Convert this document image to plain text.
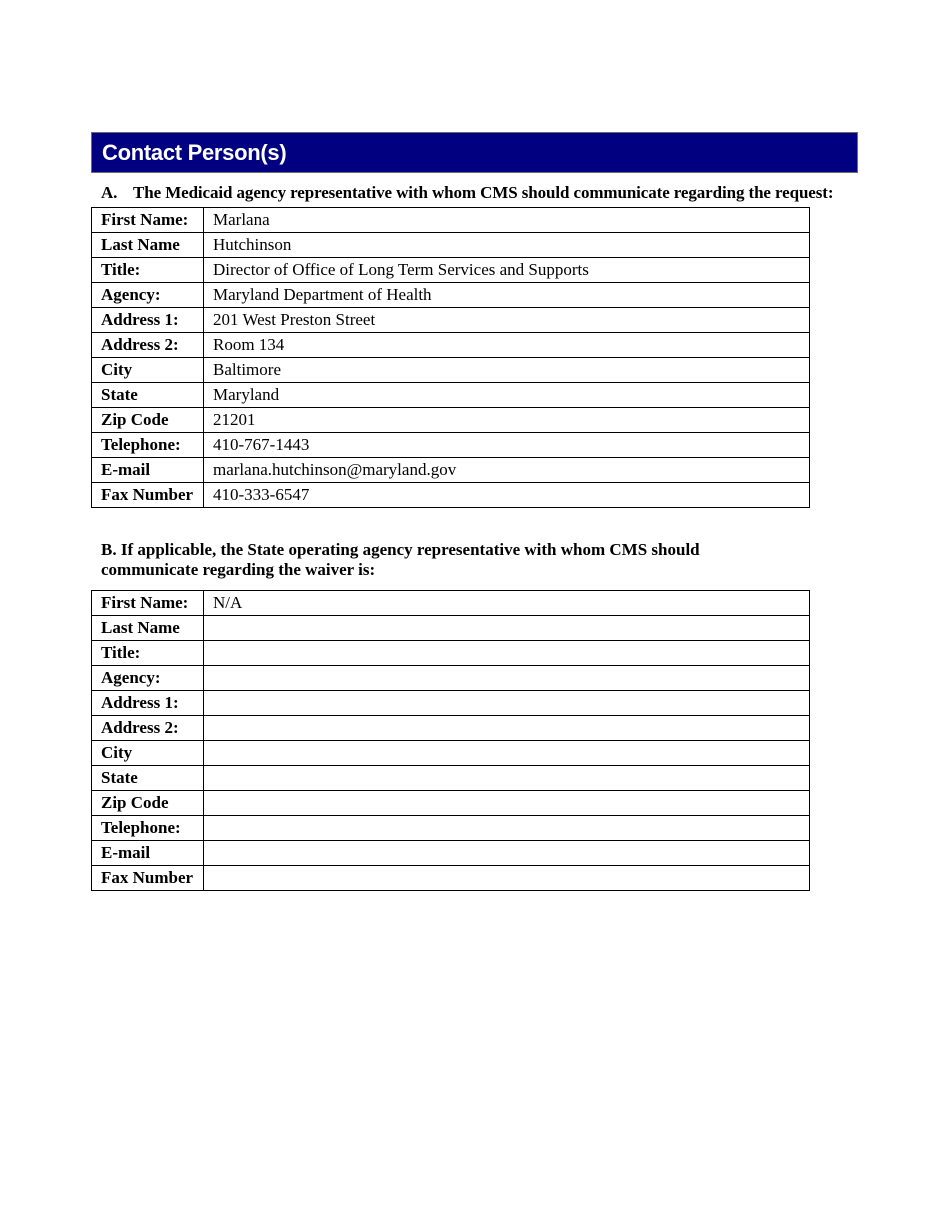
Contact Person(s)

A. The Medicaid agency representative with whom CMS should communicate regarding the request:

First Name:	Marlana
Last Name	Hutchinson
Title:	Director of Office of Long Term Services and Supports
Agency:	Maryland Department of Health
Address 1:	201 West Preston Street
Address 2:	Room 134
City	Baltimore
State	Maryland
Zip Code	21201
Telephone:	410-767-1443
E-mail	marlana.hutchinson@maryland.gov
Fax Number	410-333-6547

B. If applicable, the State operating agency representative with whom CMS should communicate regarding the waiver is:

First Name:	N/A
Last Name	
Title:	
Agency:	
Address 1:	
Address 2:	
City	
State	
Zip Code	
Telephone:	
E-mail	
Fax Number	
